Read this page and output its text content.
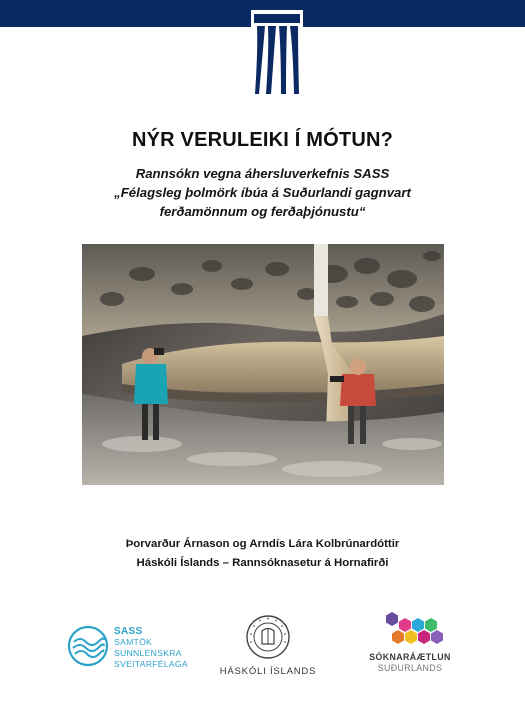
NÝR VERULEIKI Í MÓTUN?
Rannsókn vegna áhersluverkefnis SASS
„Félagsleg þolmörk íbúa á Suðurlandi gagnvart
ferðamönnum og ferðaþjónustu“
Þorvarður Árnason og Arndís Lára Kolbrúnardóttir
Háskóli Íslands – Rannsóknasetur á Hornafirði
SASS
SAMTÖK
SUNNLENSKRA
SVEITARFÉLAGA
HÁSKÓLI ÍSLANDS
SÓKNARÁÆTLUN
SUÐURLANDS
